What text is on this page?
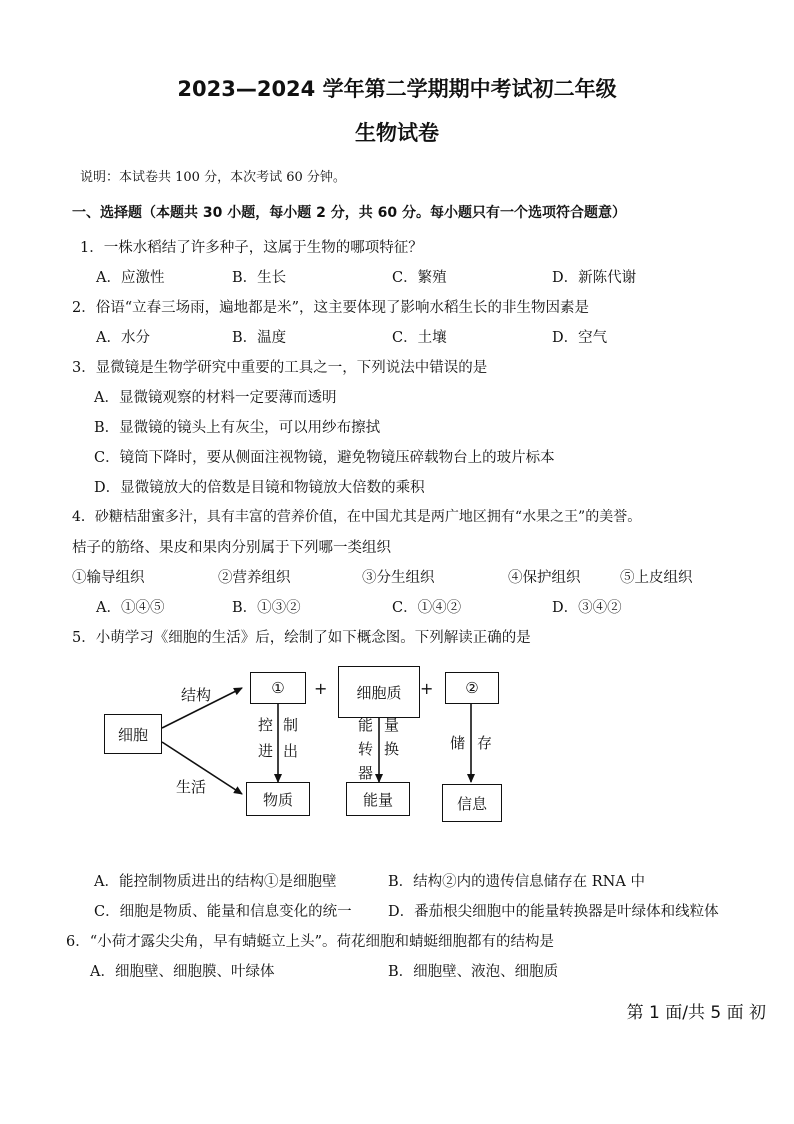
2023—2024 学年第二学期期中考试初二年级
生物试卷
说明：本试卷共 100 分，本次考试 60 分钟。
一、选择题（本题共 30 小题，每小题 2 分，共 60 分。每小题只有一个选项符合题意）
1．一株水稻结了许多种子，这属于生物的哪项特征？
A．应激性	B．生长	C．繁殖	D．新陈代谢
2．俗语“立春三场雨，遍地都是米”，这主要体现了影响水稻生长的非生物因素是
A．水分	B．温度	C．土壤	D．空气
3．显微镜是生物学研究中重要的工具之一，下列说法中错误的是
A．显微镜观察的材料一定要薄而透明
B．显微镜的镜头上有灰尘，可以用纱布擦拭
C．镜筒下降时，要从侧面注视物镜，避免物镜压碎载物台上的玻片标本
D．显微镜放大的倍数是目镜和物镜放大倍数的乘积
4．砂糖桔甜蜜多汁，具有丰富的营养价值，在中国尤其是两广地区拥有“水果之王”的美誉。
桔子的筋络、果皮和果肉分别属于下列哪一类组织
①输导组织	②营养组织	③分生组织	④保护组织	⑤上皮组织
A．①④⑤	B．①③②	C．①④②	D．③④②
5．小萌学习《细胞的生活》后，绘制了如下概念图。下列解读正确的是
细胞
结构
生活
①	+	细胞质	+	②
控 制
进 出
能 量
转 换
器
储 存
物质	能量	信息
A．能控制物质进出的结构①是细胞壁	B．结构②内的遗传信息储存在 RNA 中
C．细胞是物质、能量和信息变化的统一	D．番茄根尖细胞中的能量转换器是叶绿体和线粒体
6．“小荷才露尖尖角，早有蜻蜓立上头”。荷花细胞和蜻蜓细胞都有的结构是
A．细胞壁、细胞膜、叶绿体	B．细胞壁、液泡、细胞质
第 1 面/共 5 面 初
